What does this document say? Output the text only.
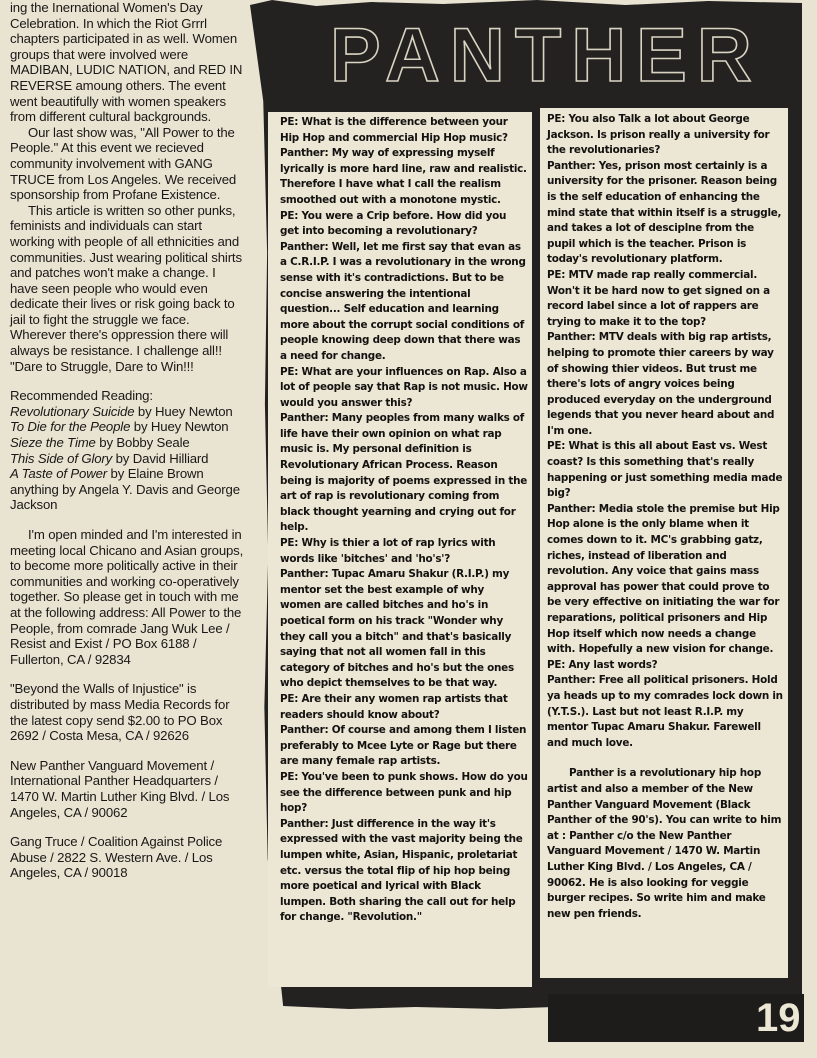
ing the Inernational Women's Day Celebration. In which the Riot Grrrl chapters participated in as well. Women groups that were involved were MADIBAN, LUDIC NATION, and RED IN REVERSE amoung others. The event went beautifully with women speakers from different cultural backgrounds.

Our last show was, "All Power to the People." At this event we recieved community involvement with GANG TRUCE from Los Angeles. We received sponsorship from Profane Existence.

This article is written so other punks, feminists and individuals can start working with people of all ethnicities and communities. Just wearing political shirts and patches won't make a change. I have seen people who would even dedicate their lives or risk going back to jail to fight the struggle we face. Wherever there's oppression there will always be resistance. I challenge all!! "Dare to Struggle, Dare to Win!!!

Recommended Reading:

Revolutionary Suicide by Huey Newton
To Die for the People by Huey Newton
Sieze the Time by Bobby Seale
This Side of Glory by David Hilliard
A Taste of Power by Elaine Brown
anything by Angela Y. Davis and George Jackson

I'm open minded and I'm interested in meeting local Chicano and Asian groups, to become more politically active in their communities and working co-operatively together. So please get in touch with me at the following address: All Power to the People, from comrade Jang Wuk Lee / Resist and Exist / PO Box 6188 / Fullerton, CA / 92834

"Beyond the Walls of Injustice" is distributed by mass Media Records for the latest copy send $2.00 to PO Box 2692 / Costa Mesa, CA / 92626

New Panther Vanguard Movement / International Panther Headquarters / 1470 W. Martin Luther King Blvd. / Los Angeles, CA / 90062

Gang Truce / Coalition Against Police Abuse / 2822 S. Western Ave. / Los Angeles, CA / 90018

PANTHER

PE: What is the difference between your Hip Hop and commercial Hip Hop music?

Panther: My way of expressing myself lyrically is more hard line, raw and realistic. Therefore I have what I call the realism smoothed out with a monotone mystic.

PE: You were a Crip before. How did you get into becoming a revolutionary?

Panther: Well, let me first say that evan as a C.R.I.P. I was a revolutionary in the wrong sense with it's contradictions. But to be concise answering the intentional question... Self education and learning more about the corrupt social conditions of people knowing deep down that there was a need for change.

PE: What are your influences on Rap. Also a lot of people say that Rap is not music. How would you answer this?

Panther: Many peoples from many walks of life have their own opinion on what rap music is. My personal definition is Revolutionary African Process. Reason being is majority of poems expressed in the art of rap is revolutionary coming from black thought yearning and crying out for help.

PE: Why is thier a lot of rap lyrics with words like 'bitches' and 'ho's'?

Panther: Tupac Amaru Shakur (R.I.P.) my mentor set the best example of why women are called bitches and ho's in poetical form on his track "Wonder why they call you a bitch" and that's basically saying that not all women fall in this category of bitches and ho's but the ones who depict themselves to be that way.

PE: Are their any women rap artists that readers should know about?

Panther: Of course and among them I listen preferably to Mcee Lyte or Rage but there are many female rap artists.

PE: You've been to punk shows. How do you see the difference between punk and hip hop?

Panther: Just difference in the way it's expressed with the vast majority being the lumpen white, Asian, Hispanic, proletariat etc. versus the total flip of hip hop being more poetical and lyrical with Black lumpen. Both sharing the call out for help for change. "Revolution."

PE: You also Talk a lot about George Jackson. Is prison really a university for the revolutionaries?

Panther: Yes, prison most certainly is a university for the prisoner. Reason being is the self education of enhancing the mind state that within itself is a struggle, and takes a lot of desciplne from the pupil which is the teacher. Prison is today's revolutionary platform.

PE: MTV made rap really commercial. Won't it be hard now to get signed on a record label since a lot of rappers are trying to make it to the top?

Panther: MTV deals with big rap artists, helping to promote thier careers by way of showing thier videos. But trust me there's lots of angry voices being produced everyday on the underground legends that you never heard about and I'm one.

PE: What is this all about East vs. West coast? Is this something that's really happening or just something media made big?

Panther: Media stole the premise but Hip Hop alone is the only blame when it comes down to it. MC's grabbing gatz, riches, instead of liberation and revolution. Any voice that gains mass approval has power that could prove to be very effective on initiating the war for reparations, political prisoners and Hip Hop itself which now needs a change with. Hopefully a new vision for change.

PE: Any last words?

Panther: Free all political prisoners. Hold ya heads up to my comrades lock down in (Y.T.S.). Last but not least R.I.P. my mentor Tupac Amaru Shakur. Farewell and much love.

Panther is a revolutionary hip hop artist and also a member of the New Panther Vanguard Movement (Black Panther of the 90's). You can write to him at : Panther c/o the New Panther Vanguard Movement / 1470 W. Martin Luther King Blvd. / Los Angeles, CA / 90062. He is also looking for veggie burger recipes. So write him and make new pen friends.

19
